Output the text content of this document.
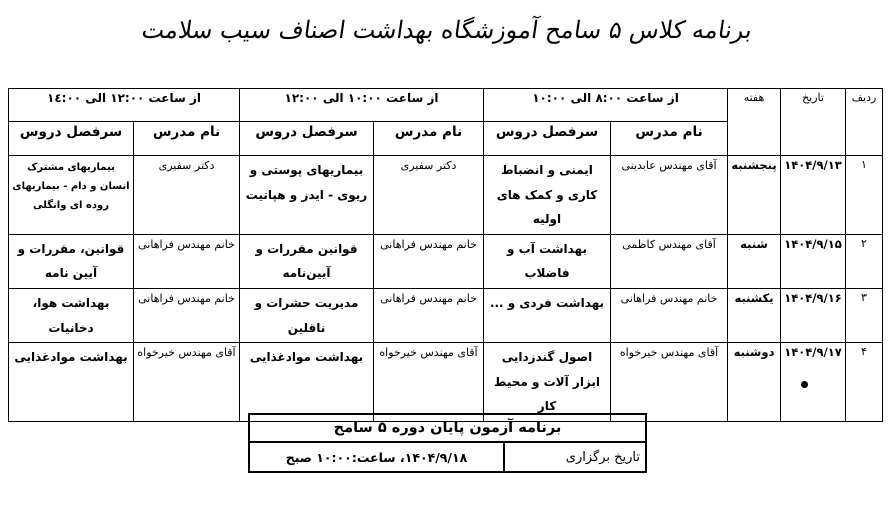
برنامه کلاس ۵ سامح آموزشگاه بهداشت اصناف سیب سلامت
ردیف	تاریخ	هفته	از ساعت ٨:٠٠ الی ١٠:٠٠		از ساعت ١٠:٠٠ الی ١٢:٠٠		از ساعت ١٢:٠٠ الی ١٤:٠٠	
			نام مدرس	سرفصل دروس	نام مدرس	سرفصل دروس	نام مدرس	سرفصل دروس
۱	۱۴۰۴/۹/۱۳	پنجشنبه	آقای مهندس عابدینی	ایمنی و انضباط کاری و کمک های اولیه	دکتر سفیری	بیماریهای پوستی و ریوی - ایدز و هپاتیت	دکتر سفیری	بیماریهای مشترک انسان و دام - بیماریهای روده ای وانگلی
۲	۱۴۰۴/۹/۱۵	شنبه	آقای مهندس کاظمی	بهداشت آب و فاضلاب	خانم مهندس فراهانی	قوانین مقررات و آیین‌نامه	خانم مهندس فراهانی	قوانین، مقررات و آیین نامه
۳	۱۴۰۴/۹/۱۶	یکشنبه	خانم مهندس فراهانی	بهداشت فردی و ...	خانم مهندس فراهانی	مدیریت حشرات و ناقلین	خانم مهندس فراهانی	بهداشت هوا، دخانیات
۴	۱۴۰۴/۹/۱۷	دوشنبه	آقای مهندس خیرخواه	اصول گندزدایی ابزار آلات و محیط کار	آقای مهندس خیرخواه	بهداشت موادغذایی	آقای مهندس خیرخواه	بهداشت موادغذایی
برنامه آزمون پایان دوره ۵ سامح
تاریخ برگزاری	۱۴۰۴/۹/۱۸، ساعت:۱۰:۰۰ صبح
